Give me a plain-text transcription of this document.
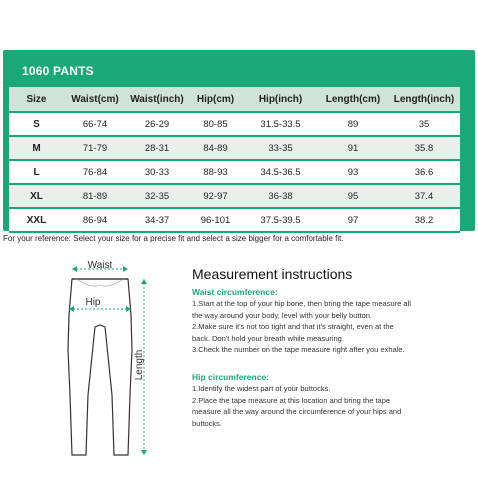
1060 PANTS
Size	Waist(cm)	Waist(inch)	Hip(cm)	Hip(inch)	Length(cm)	Length(inch)
S	66-74	26-29	80-85	31.5-33.5	89	35
M	71-79	28-31	84-89	33-35	91	35.8
L	76-84	30-33	88-93	34.5-36.5	93	36.6
XL	81-89	32-35	92-97	36-38	95	37.4
XXL	86-94	34-37	96-101	37.5-39.5	97	38.2
For your reference: Select your size for a precise fit and select a size bigger for a comfortable fit.
Waist
Hip
Length
Measurement instructions
Waist circumference:
1.Start at the top of your hip bone, then bring the tape measure all
the way around your body, level with your belly button.
2.Make sure it's not too tight and that it's straight, even at the
back. Don't hold your breath while measuring.
3.Check the number on the tape measure right after you exhale.
Hip circumference:
1.Identify the widest part of your buttocks.
2.Place the tape measure at this location and bring the tape
measure all the way around the circumference of your hips and
buttocks.
